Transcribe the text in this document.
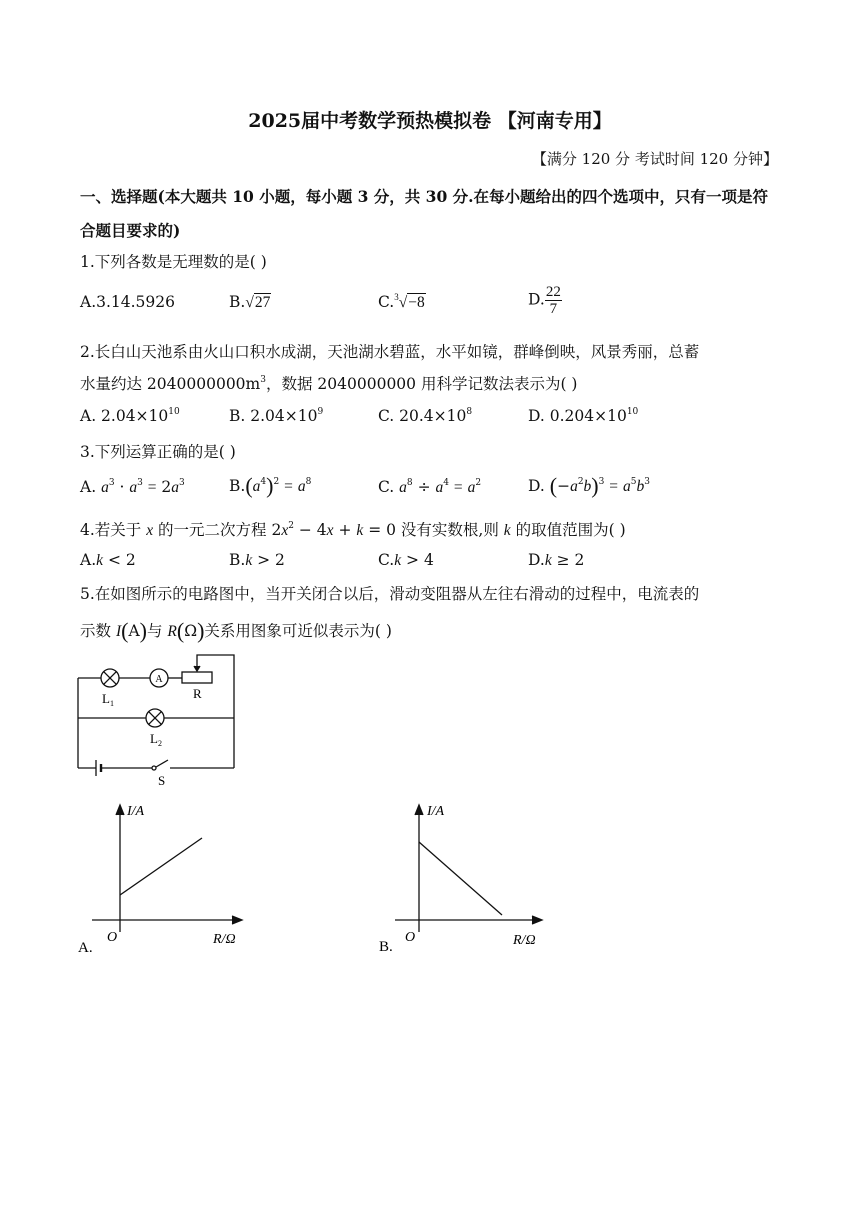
2025届中考数学预热模拟卷 【河南专用】
【满分 120 分 考试时间 120 分钟】
一、选择题(本大题共 10 小题，每小题 3 分，共 30 分.在每小题给出的四个选项中，只有一项是符合题目要求的)
1.下列各数是无理数的是( )
A.3.14.5926	B.√27	C.$^3$√−8	D. $\frac{22}{7}$
2.长白山天池系由火山口积水成湖，天池湖水碧蓝，水平如镜，群峰倒映，风景秀丽，总蓄
水量约达 $2040000000m^3$，数据 2040000000 用科学记数法表示为( )
A. $2.04\times 10^{10}$	B. $2.04\times 10^9$	C. $20.4\times 10^8$	D. $0.204\times 10^{10}$
3.下列运算正确的是( )
A. $a^3 \cdot a^3 = 2a^3$	$B.(a^4)^2 = a^8$	C. $a^8 \div a^4 = a^2$	D. $(-a^2b)^3 = a^5b^3$
4.若关于 x 的一元二次方程 $2x^2 - 4x + k = 0$ 没有实数根,则 k 的取值范围为( )
A.k < 2	B.k > 2	C.k > 4	D.k ≥ 2
5.在如图所示的电路图中，当开关闭合以后，滑动变阻器从左往右滑动的过程中，电流表的
示数 I(A)与 R(Ω)关系用图象可近似表示为( )
A
$L_1$
R
$L_2$
S
I/A
O	R/Ω
A.
I/A
O	R/Ω
B.
